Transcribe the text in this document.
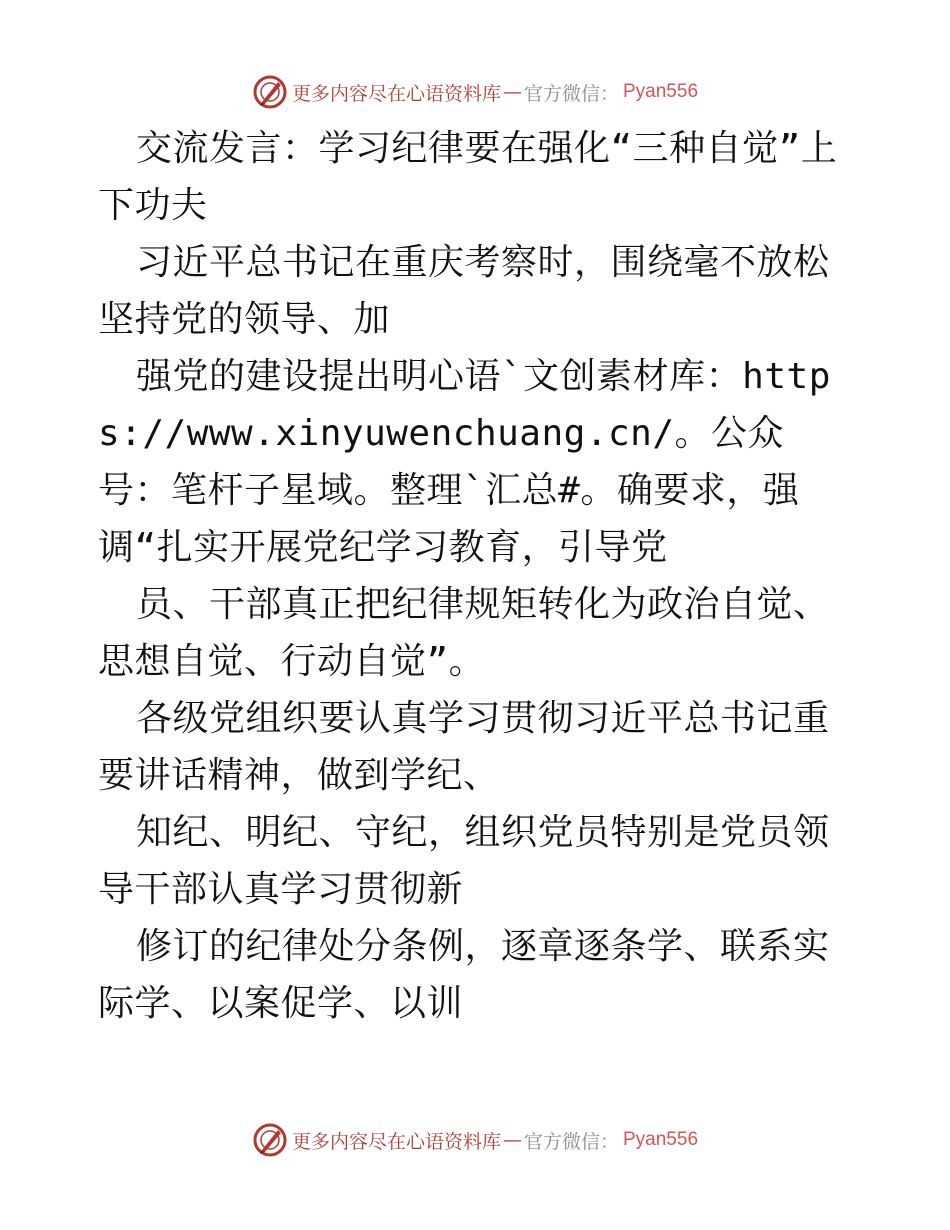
更多内容尽在心语资料库 — 官方微信： Pyan556

交流发言：学习纪律要在强化“三种自觉”上下功夫

习近平总书记在重庆考察时，围绕毫不放松坚持党的领导、加

强党的建设提出明心语`文创素材库：https://www.xinyuwenchuang.cn/。公众号：笔杆子星域。整理`汇总#。确要求，强调“扎实开展党纪学习教育，引导党

员、干部真正把纪律规矩转化为政治自觉、思想自觉、行动自觉”。

各级党组织要认真学习贯彻习近平总书记重要讲话精神，做到学纪、

知纪、明纪、守纪，组织党员特别是党员领导干部认真学习贯彻新

修订的纪律处分条例，逐章逐条学、联系实际学、以案促学、以训

更多内容尽在心语资料库 — 官方微信： Pyan556
